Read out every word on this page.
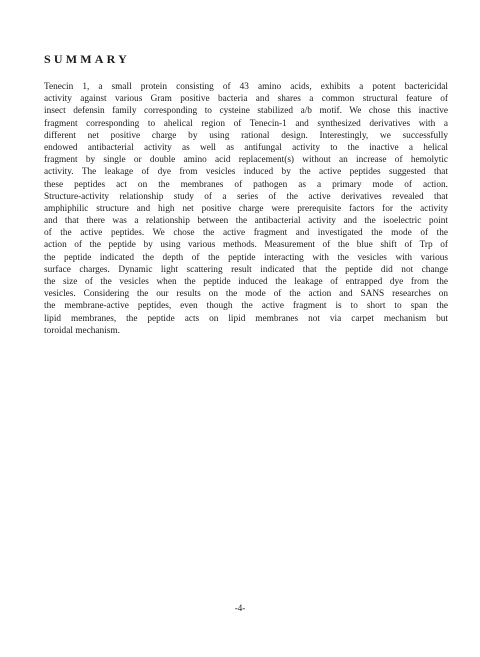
SUMMARY
Tenecin 1, a small protein consisting of 43 amino acids, exhibits a potent bactericidal
activity against various Gram positive bacteria and shares a common structural feature of
insect defensin family corresponding to cysteine stabilized a/b motif. We chose this inactive
fragment corresponding to ahelical region of Tenecin-1 and synthesized derivatives with a
different net positive charge by using rational design. Interestingly, we successfully
endowed antibacterial activity as well as antifungal activity to the inactive a helical
fragment by single or double amino acid replacement(s) without an increase of hemolytic
activity. The leakage of dye from vesicles induced by the active peptides suggested that
these peptides act on the membranes of pathogen as a primary mode of action.
Structure-activity relationship study of a series of the active derivatives revealed that
amphiphilic structure and high net positive charge were prerequisite factors for the activity
and that there was a relationship between the antibacterial activity and the isoelectric point
of the active peptides. We chose the active fragment and investigated the mode of the
action of the peptide by using various methods. Measurement of the blue shift of Trp of
the peptide indicated the depth of the peptide interacting with the vesicles with various
surface charges. Dynamic light scattering result indicated that the peptide did not change
the size of the vesicles when the peptide induced the leakage of entrapped dye from the
vesicles. Considering the our results on the mode of the action and SANS researches on
the membrane-active peptides, even though the active fragment is to short to span the
lipid membranes, the peptide acts on lipid membranes not via carpet mechanism but
toroidal mechanism.
-4-
